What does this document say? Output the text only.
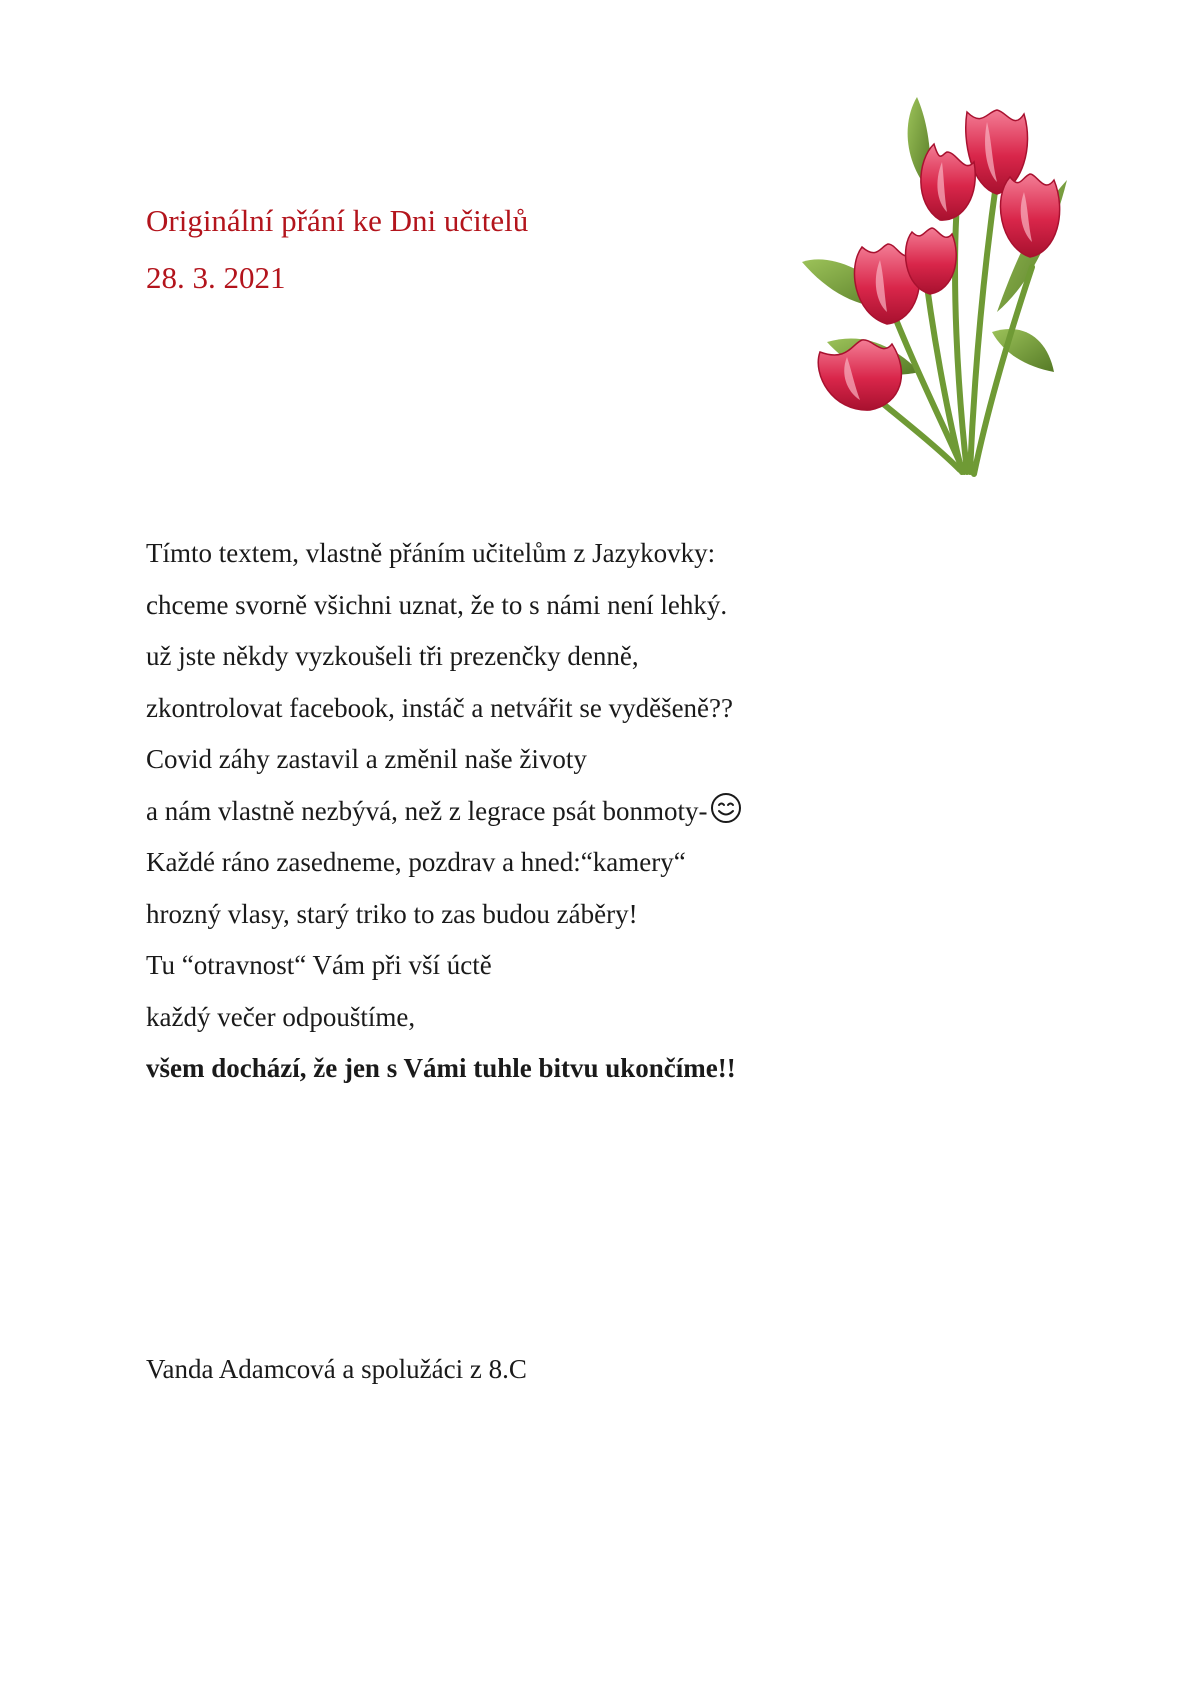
Originální přání ke Dni učitelů
28. 3. 2021
Tímto textem, vlastně přáním učitelům z Jazykovky:
chceme svorně všichni uznat, že to s námi není lehký.
už jste někdy vyzkoušeli tři prezenčky denně,
zkontrolovat facebook, instáč a netvářit se vyděšeně??
Covid záhy zastavil a změnil naše životy
a nám vlastně nezbývá, než z legrace psát bonmoty-
Každé ráno zasedneme, pozdrav a hned:“kamery“
hrozný vlasy, starý triko to zas budou záběry!
Tu “otravnost“ Vám při vší úctě
každý večer odpouštíme,
všem dochází, že jen s Vámi tuhle bitvu ukončíme!!
Vanda Adamcová a spolužáci z 8.C
